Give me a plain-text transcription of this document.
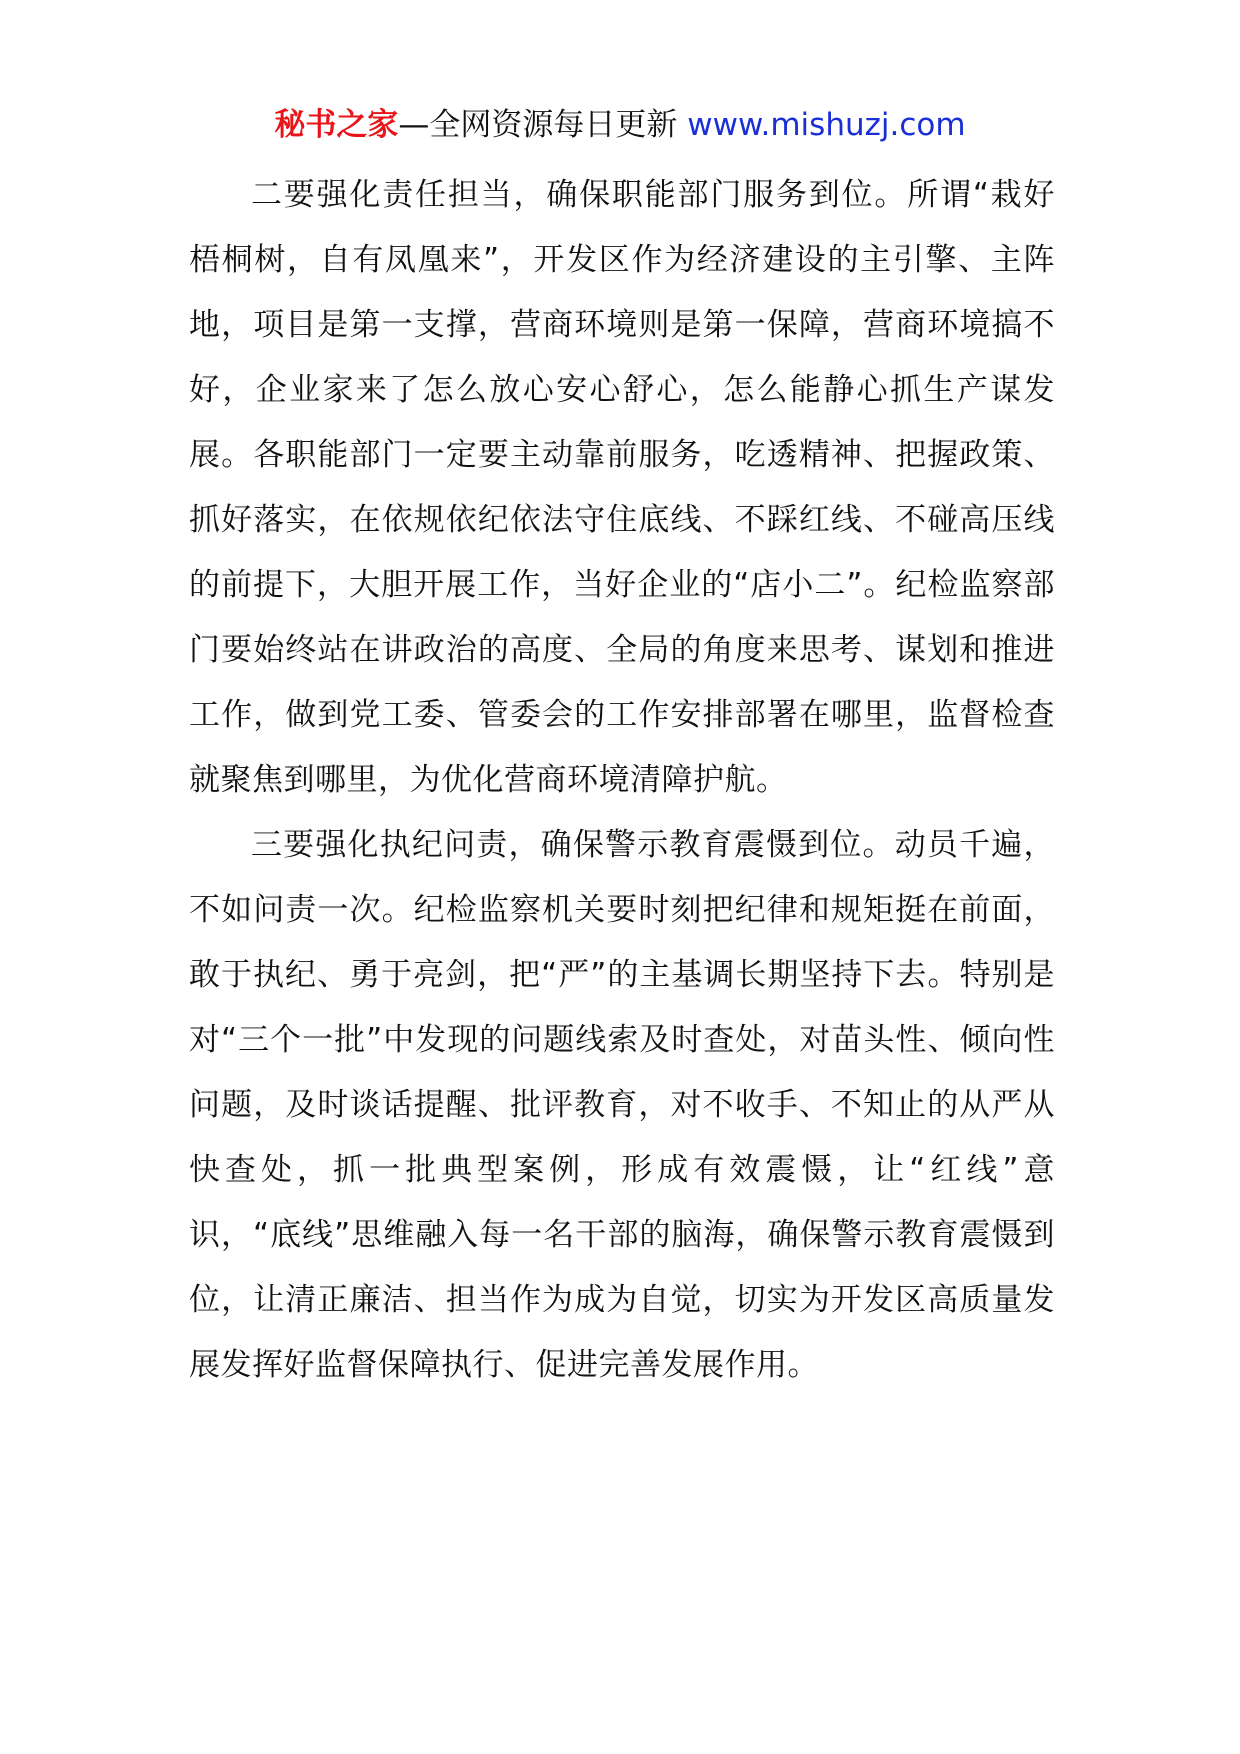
秘书之家—全网资源每日更新 www.mishuzj.com

二要强化责任担当，确保职能部门服务到位。所谓“栽好梧桐树，自有凤凰来”，开发区作为经济建设的主引擎、主阵地，项目是第一支撑，营商环境则是第一保障，营商环境搞不好，企业家来了怎么放心安心舒心，怎么能静心抓生产谋发展。各职能部门一定要主动靠前服务，吃透精神、把握政策、抓好落实，在依规依纪依法守住底线、不踩红线、不碰高压线的前提下，大胆开展工作，当好企业的“店小二”。纪检监察部门要始终站在讲政治的高度、全局的角度来思考、谋划和推进工作，做到党工委、管委会的工作安排部署在哪里，监督检查就聚焦到哪里，为优化营商环境清障护航。

三要强化执纪问责，确保警示教育震慑到位。动员千遍，不如问责一次。纪检监察机关要时刻把纪律和规矩挺在前面，敢于执纪、勇于亮剑，把“严”的主基调长期坚持下去。特别是对“三个一批”中发现的问题线索及时查处，对苗头性、倾向性问题，及时谈话提醒、批评教育，对不收手、不知止的从严从快查处，抓一批典型案例，形成有效震慑，让“红线”意识，“底线”思维融入每一名干部的脑海，确保警示教育震慑到位，让清正廉洁、担当作为成为自觉，切实为开发区高质量发展发挥好监督保障执行、促进完善发展作用。
